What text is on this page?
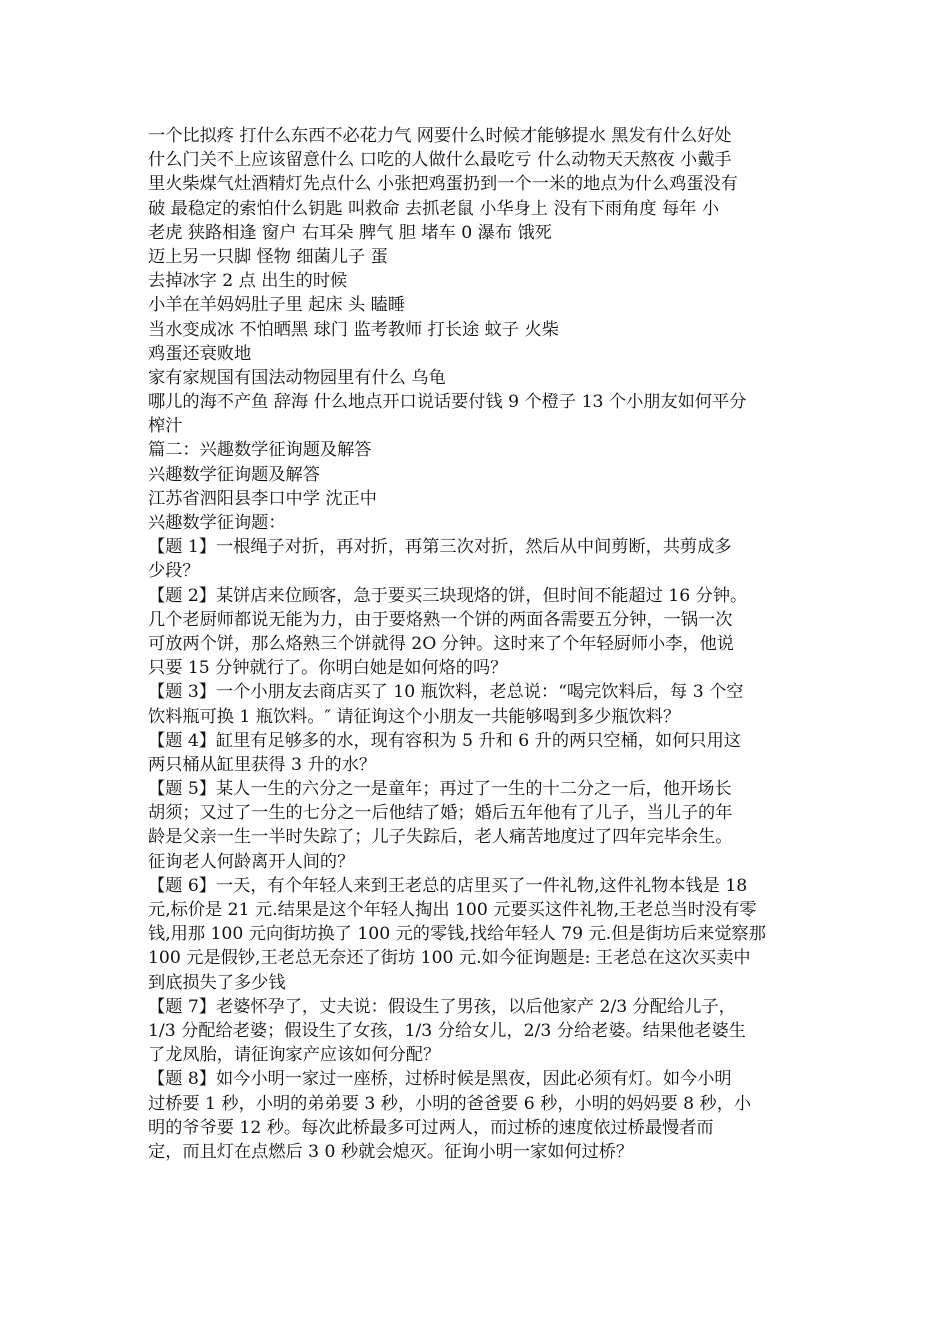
一个比拟疼 打什么东西不必花力气 网要什么时候才能够提水 黑发有什么好处
什么门关不上应该留意什么 口吃的人做什么最吃亏 什么动物天天熬夜 小戴手
里火柴煤气灶酒精灯先点什么 小张把鸡蛋扔到一个一米的地点为什么鸡蛋没有
破 最稳定的索怕什么钥匙 叫救命 去抓老鼠 小华身上 没有下雨角度 每年 小
老虎 狭路相逢 窗户 右耳朵 脾气 胆 堵车 0 瀑布 饿死
迈上另一只脚 怪物 细菌儿子 蛋
去掉冰字 2 点 出生的时候
小羊在羊妈妈肚子里 起床 头 瞌睡
当水变成冰 不怕晒黑 球门 监考教师 打长途 蚊子 火柴
鸡蛋还衰败地
家有家规国有国法动物园里有什么 乌龟
哪儿的海不产鱼 辞海 什么地点开口说话要付钱 9 个橙子 13 个小朋友如何平分
榨汁
篇二：兴趣数学征询题及解答
兴趣数学征询题及解答
江苏省泗阳县李口中学 沈正中
兴趣数学征询题：
【题 1】一根绳子对折，再对折，再第三次对折，然后从中间剪断，共剪成多
少段？
【题 2】某饼店来位顾客，急于要买三块现烙的饼，但时间不能超过 16 分钟。
几个老厨师都说无能为力，由于要烙熟一个饼的两面各需要五分钟，一锅一次
可放两个饼，那么烙熟三个饼就得 2O 分钟。这时来了个年轻厨师小李，他说
只要 15 分钟就行了。你明白她是如何烙的吗？
【题 3】一个小朋友去商店买了 10 瓶饮料，老总说：“喝完饮料后，每 3 个空
饮料瓶可换 1 瓶饮料。″ 请征询这个小朋友一共能够喝到多少瓶饮料？
【题 4】缸里有足够多的水，现有容积为 5 升和 6 升的两只空桶，如何只用这
两只桶从缸里获得 3 升的水？
【题 5】某人一生的六分之一是童年；再过了一生的十二分之一后，他开场长
胡须；又过了一生的七分之一后他结了婚；婚后五年他有了儿子，当儿子的年
龄是父亲一生一半时失踪了；儿子失踪后，老人痛苦地度过了四年完毕余生。
征询老人何龄离开人间的？
【题 6】一天，有个年轻人来到王老总的店里买了一件礼物,这件礼物本钱是 18
元,标价是 21 元.结果是这个年轻人掏出 100 元要买这件礼物,王老总当时没有零
钱,用那 100 元向街坊换了 100 元的零钱,找给年轻人 79 元.但是街坊后来觉察那
100 元是假钞,王老总无奈还了街坊 100 元.如今征询题是: 王老总在这次买卖中
到底损失了多少钱
【题 7】老婆怀孕了，丈夫说：假设生了男孩，以后他家产 2/3 分配给儿子，
1/3 分配给老婆；假设生了女孩，1/3 分给女儿，2/3 分给老婆。结果他老婆生
了龙凤胎，请征询家产应该如何分配？
【题 8】如今小明一家过一座桥，过桥时候是黑夜，因此必须有灯。如今小明
过桥要 1 秒，小明的弟弟要 3 秒，小明的爸爸要 6 秒，小明的妈妈要 8 秒，小
明的爷爷要 12 秒。每次此桥最多可过两人，而过桥的速度依过桥最慢者而
定，而且灯在点燃后 3 0 秒就会熄灭。征询小明一家如何过桥？
